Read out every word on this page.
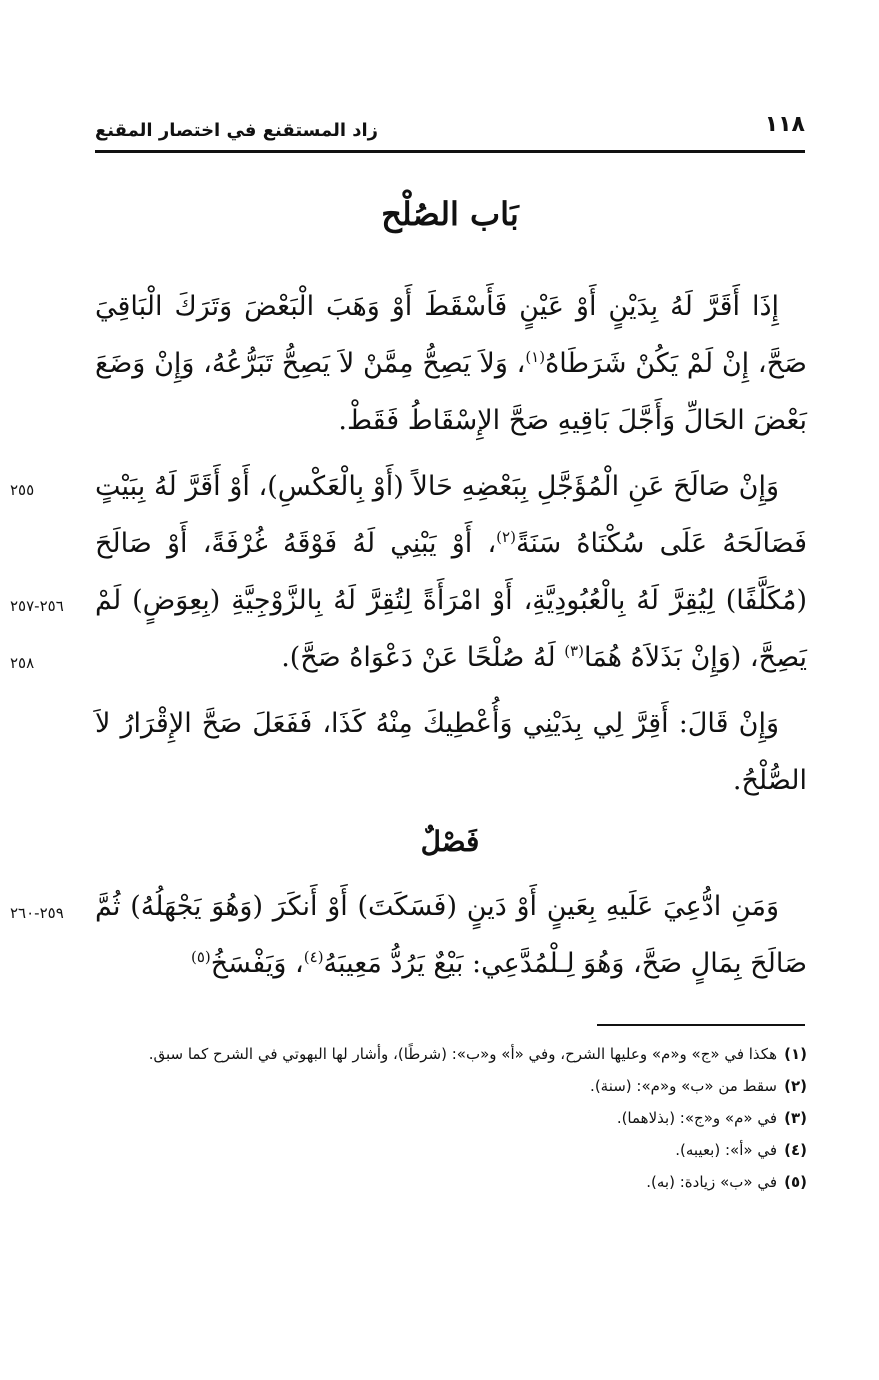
١١٨
زاد المستقنع في اختصار المقنع
بَاب الصُلْح

إِذَا أَقَرَّ لَهُ بِدَيْنٍ أَوْ عَيْنٍ فَأَسْقَطَ أَوْ وَهَبَ الْبَعْضَ وَتَرَكَ الْبَاقِيَ صَحَّ، إِنْ لَمْ يَكُنْ شَرَطَاهُ$^{(١)}$، وَلاَ يَصِحُّ مِمَّنْ لاَ يَصِحُّ تَبَرُّعُهُ، وَإِنْ وَضَعَ بَعْضَ الحَالِّ وَأَجَّلَ بَاقِيهِ صَحَّ الإِسْقَاطُ فَقَطْ.

وَإِنْ صَالَحَ عَنِ الْمُؤَجَّلِ بِبَعْضِهِ حَالاً (أَوْ بِالْعَكْسِ)، أَوْ أَقَرَّ لَهُ بِبَيْتٍ فَصَالَحَهُ عَلَى سُكْنَاهُ سَنَةً$^{(٢)}$، أَوْ يَبْنِي لَهُ فَوْقَهُ غُرْفَةً، أَوْ صَالَحَ (مُكَلَّفًا) لِيُقِرَّ لَهُ بِالْعُبُودِيَّةِ، أَوْ امْرَأَةً لِتُقِرَّ لَهُ بِالزَّوْجِيَّةِ (بِعِوَضٍ) لَمْ يَصِحَّ، (وَإِنْ بَذَلاَهُ هُمَا$^{(٣)}$ لَهُ صُلْحًا عَنْ دَعْوَاهُ صَحَّ).

وَإِنْ قَالَ: أَقِرَّ لِي بِدَيْنِي وَأُعْطِيكَ مِنْهُ كَذَا، فَفَعَلَ صَحَّ الإِقْرَارُ لاَ الصُّلْحُ.

فَصْلٌ

وَمَنِ ادُّعِيَ عَلَيهِ بِعَينٍ أَوْ دَينٍ (فَسَكَتَ) أَوْ أَنكَرَ (وَهُوَ يَجْهَلُهُ) ثُمَّ صَالَحَ بِمَالٍ صَحَّ، وَهُوَ لِـلْمُدَّعِي: بَيْعٌ يَرُدُّ مَعِيبَهُ$^{(٤)}$، وَيَفْسَخُ$^{(٥)}$

٢٥٥
٢٥٦-٢٥٧
٢٥٨
٢٥٩-٢٦٠
(١)
هكذا في «ج» و«م» وعليها الشرح، وفي «أ» و«ب»: (شرطًا)، وأشار لها البهوتي في الشرح كما سبق.
(٢)
سقط من «ب» و«م»: (سنة).
(٣)
في «م» و«ج»: (بذلاهما).
(٤)
في «أ»: (بعيبه).
(٥)
في «ب» زيادة: (به).
